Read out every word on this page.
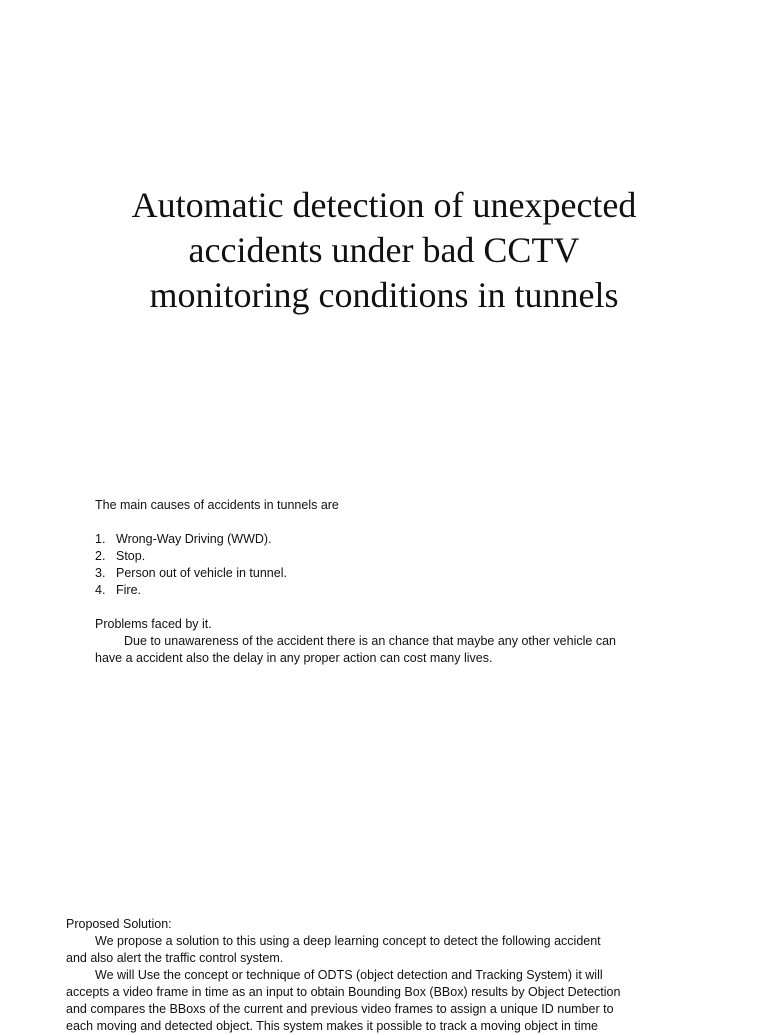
Automatic detection of unexpected
accidents under bad CCTV
monitoring conditions in tunnels

The main causes of accidents in tunnels are

1. Wrong-Way Driving (WWD).
2. Stop.
3. Person out of vehicle in tunnel.
4. Fire.

Problems faced by it.

Due to unawareness of the accident there is an chance that maybe any other vehicle can

have a accident also the delay in any proper action can cost many lives.

Proposed Solution:

We propose a solution to this using a deep learning concept to detect the following accident

and also alert the traffic control system.

We will Use the concept or technique of ODTS (object detection and Tracking System) it will

accepts a video frame in time as an input to obtain Bounding Box (BBox) results by Object Detection

and compares the BBoxs of the current and previous video frames to assign a unique ID number to

each moving and detected object. This system makes it possible to track a moving object in time
